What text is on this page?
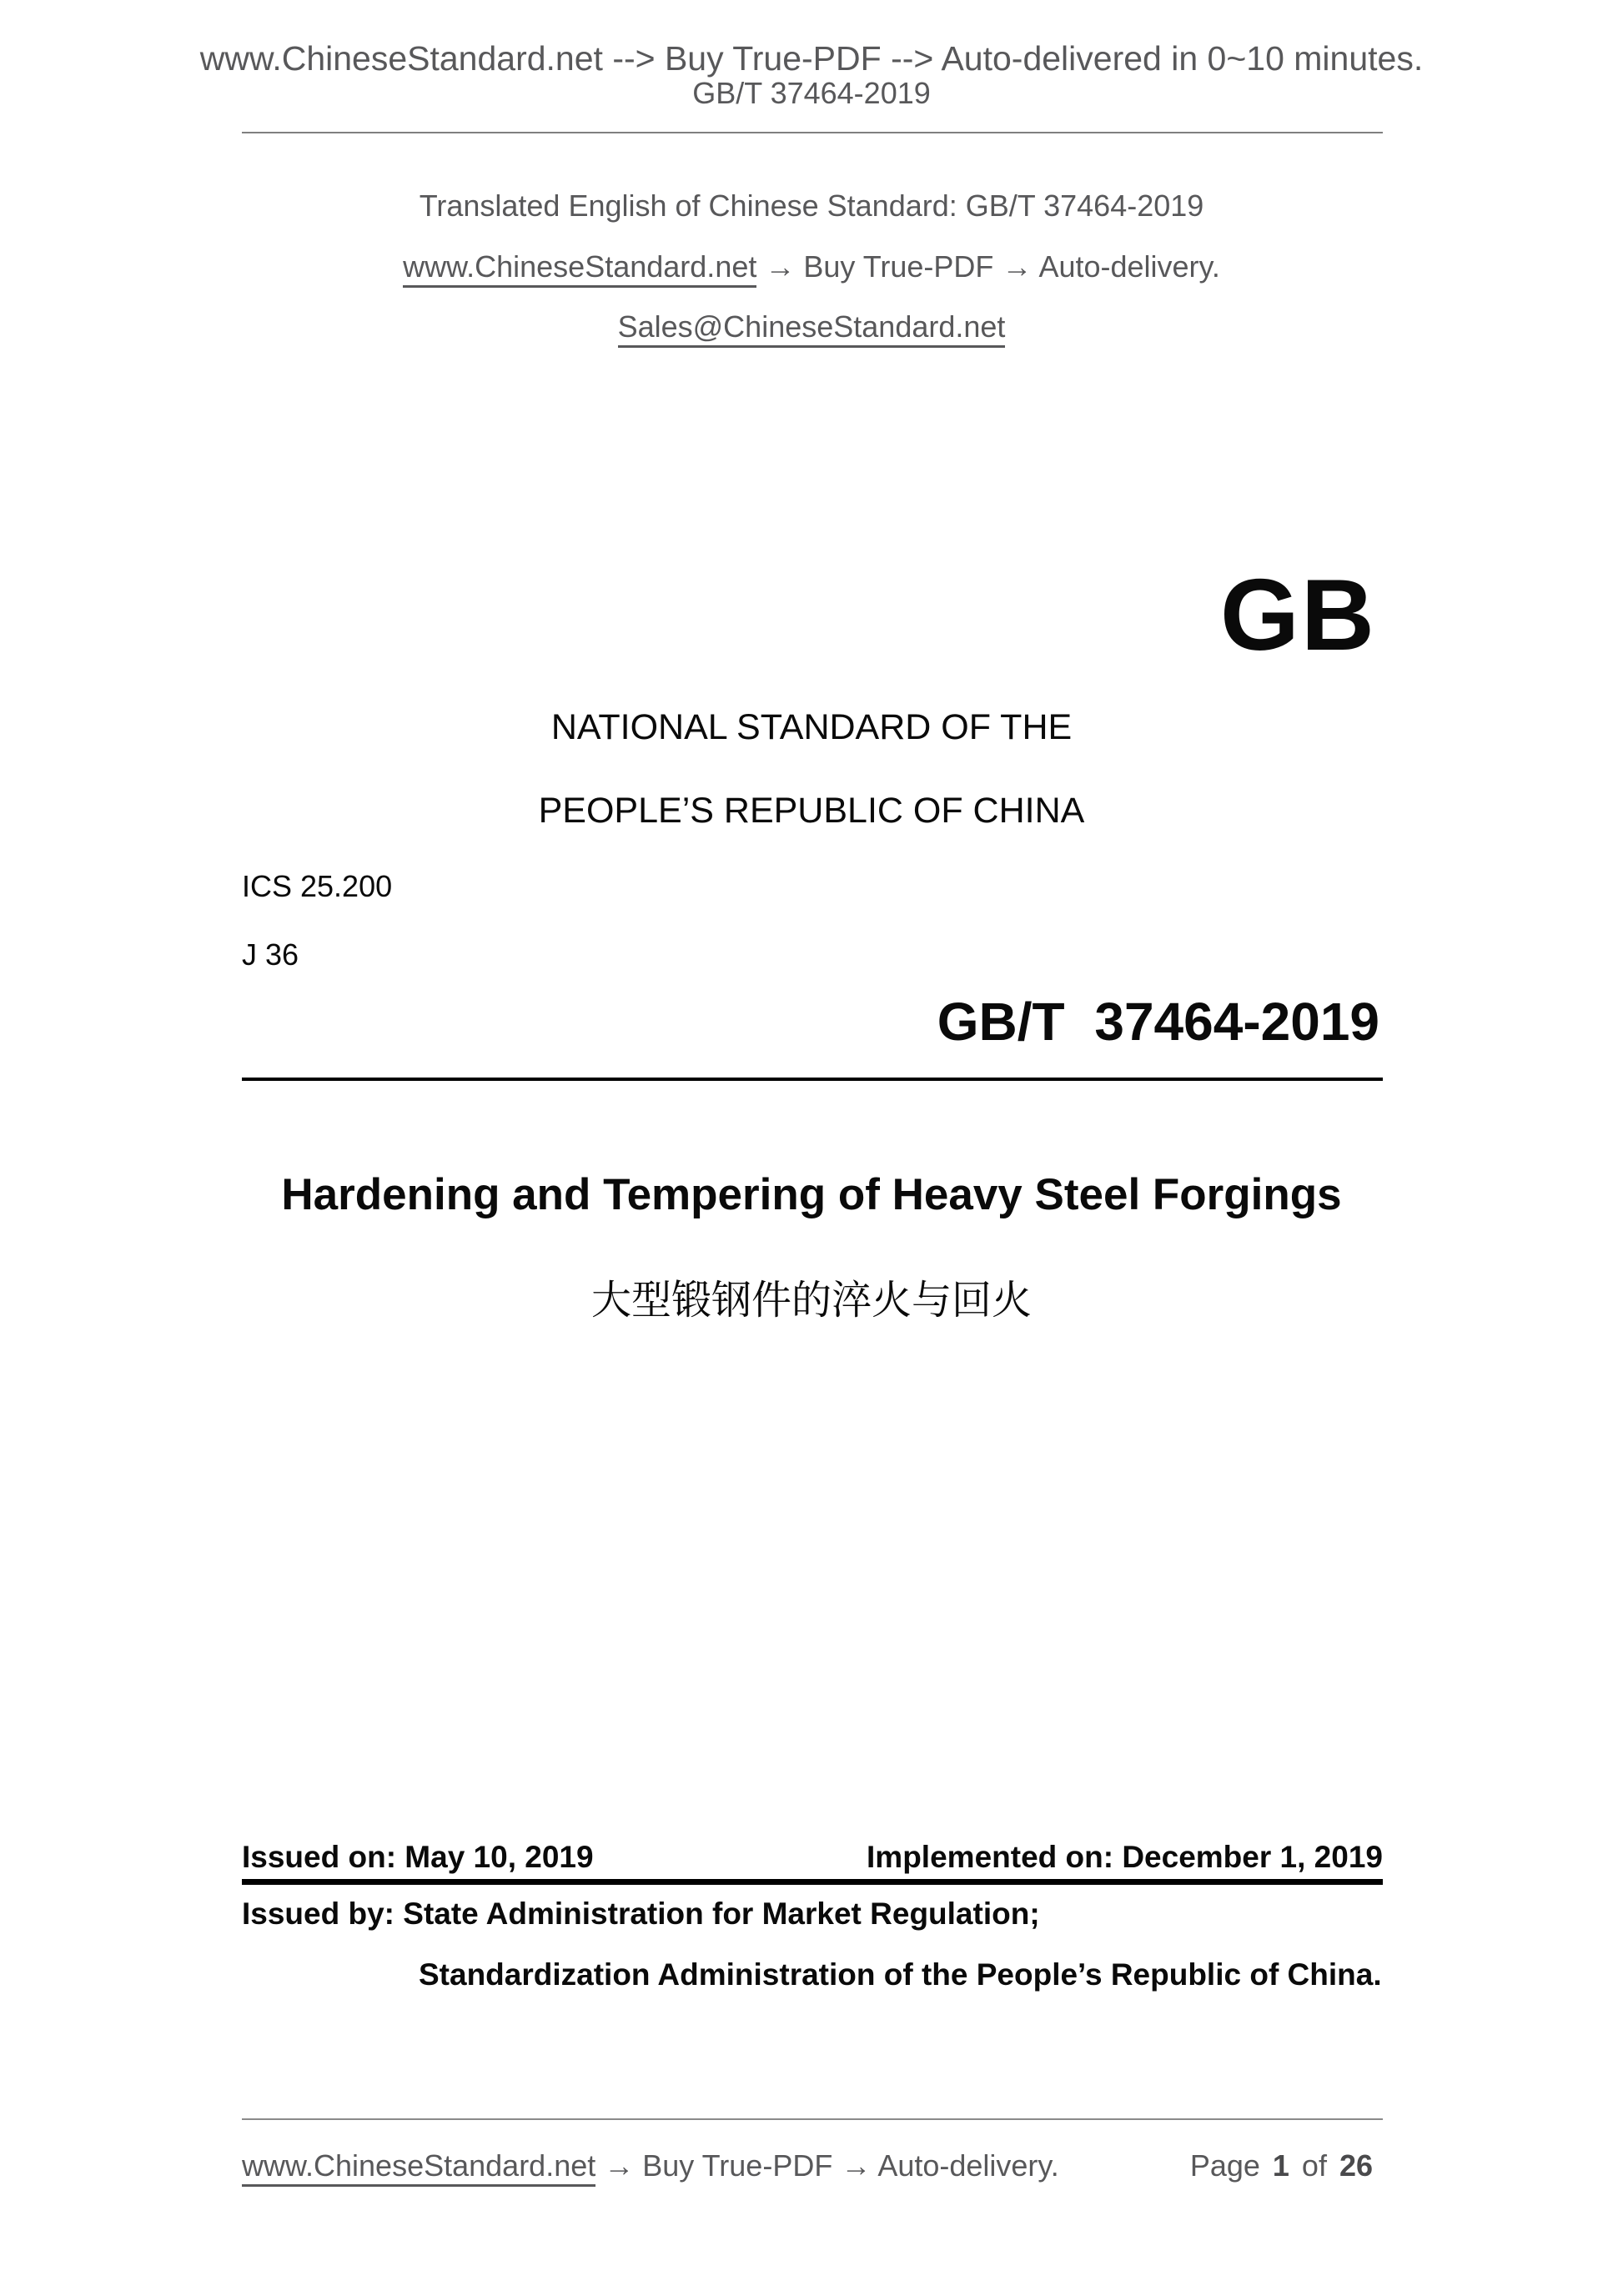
www.ChineseStandard.net --> Buy True-PDF --> Auto-delivered in 0~10 minutes.
GB/T 37464-2019
Translated English of Chinese Standard: GB/T 37464-2019
www.ChineseStandard.net → Buy True-PDF → Auto-delivery.
Sales@ChineseStandard.net
GB
NATIONAL STANDARD OF THE
PEOPLE’S REPUBLIC OF CHINA
ICS 25.200
J 36
GB/T 37464-2019
Hardening and Tempering of Heavy Steel Forgings
大型锻钢件的淬火与回火
Issued on: May 10, 2019	Implemented on: December 1, 2019
Issued by: State Administration for Market Regulation;
Standardization Administration of the People’s Republic of China.
www.ChineseStandard.net → Buy True-PDF → Auto-delivery.	Page 1 of 26
